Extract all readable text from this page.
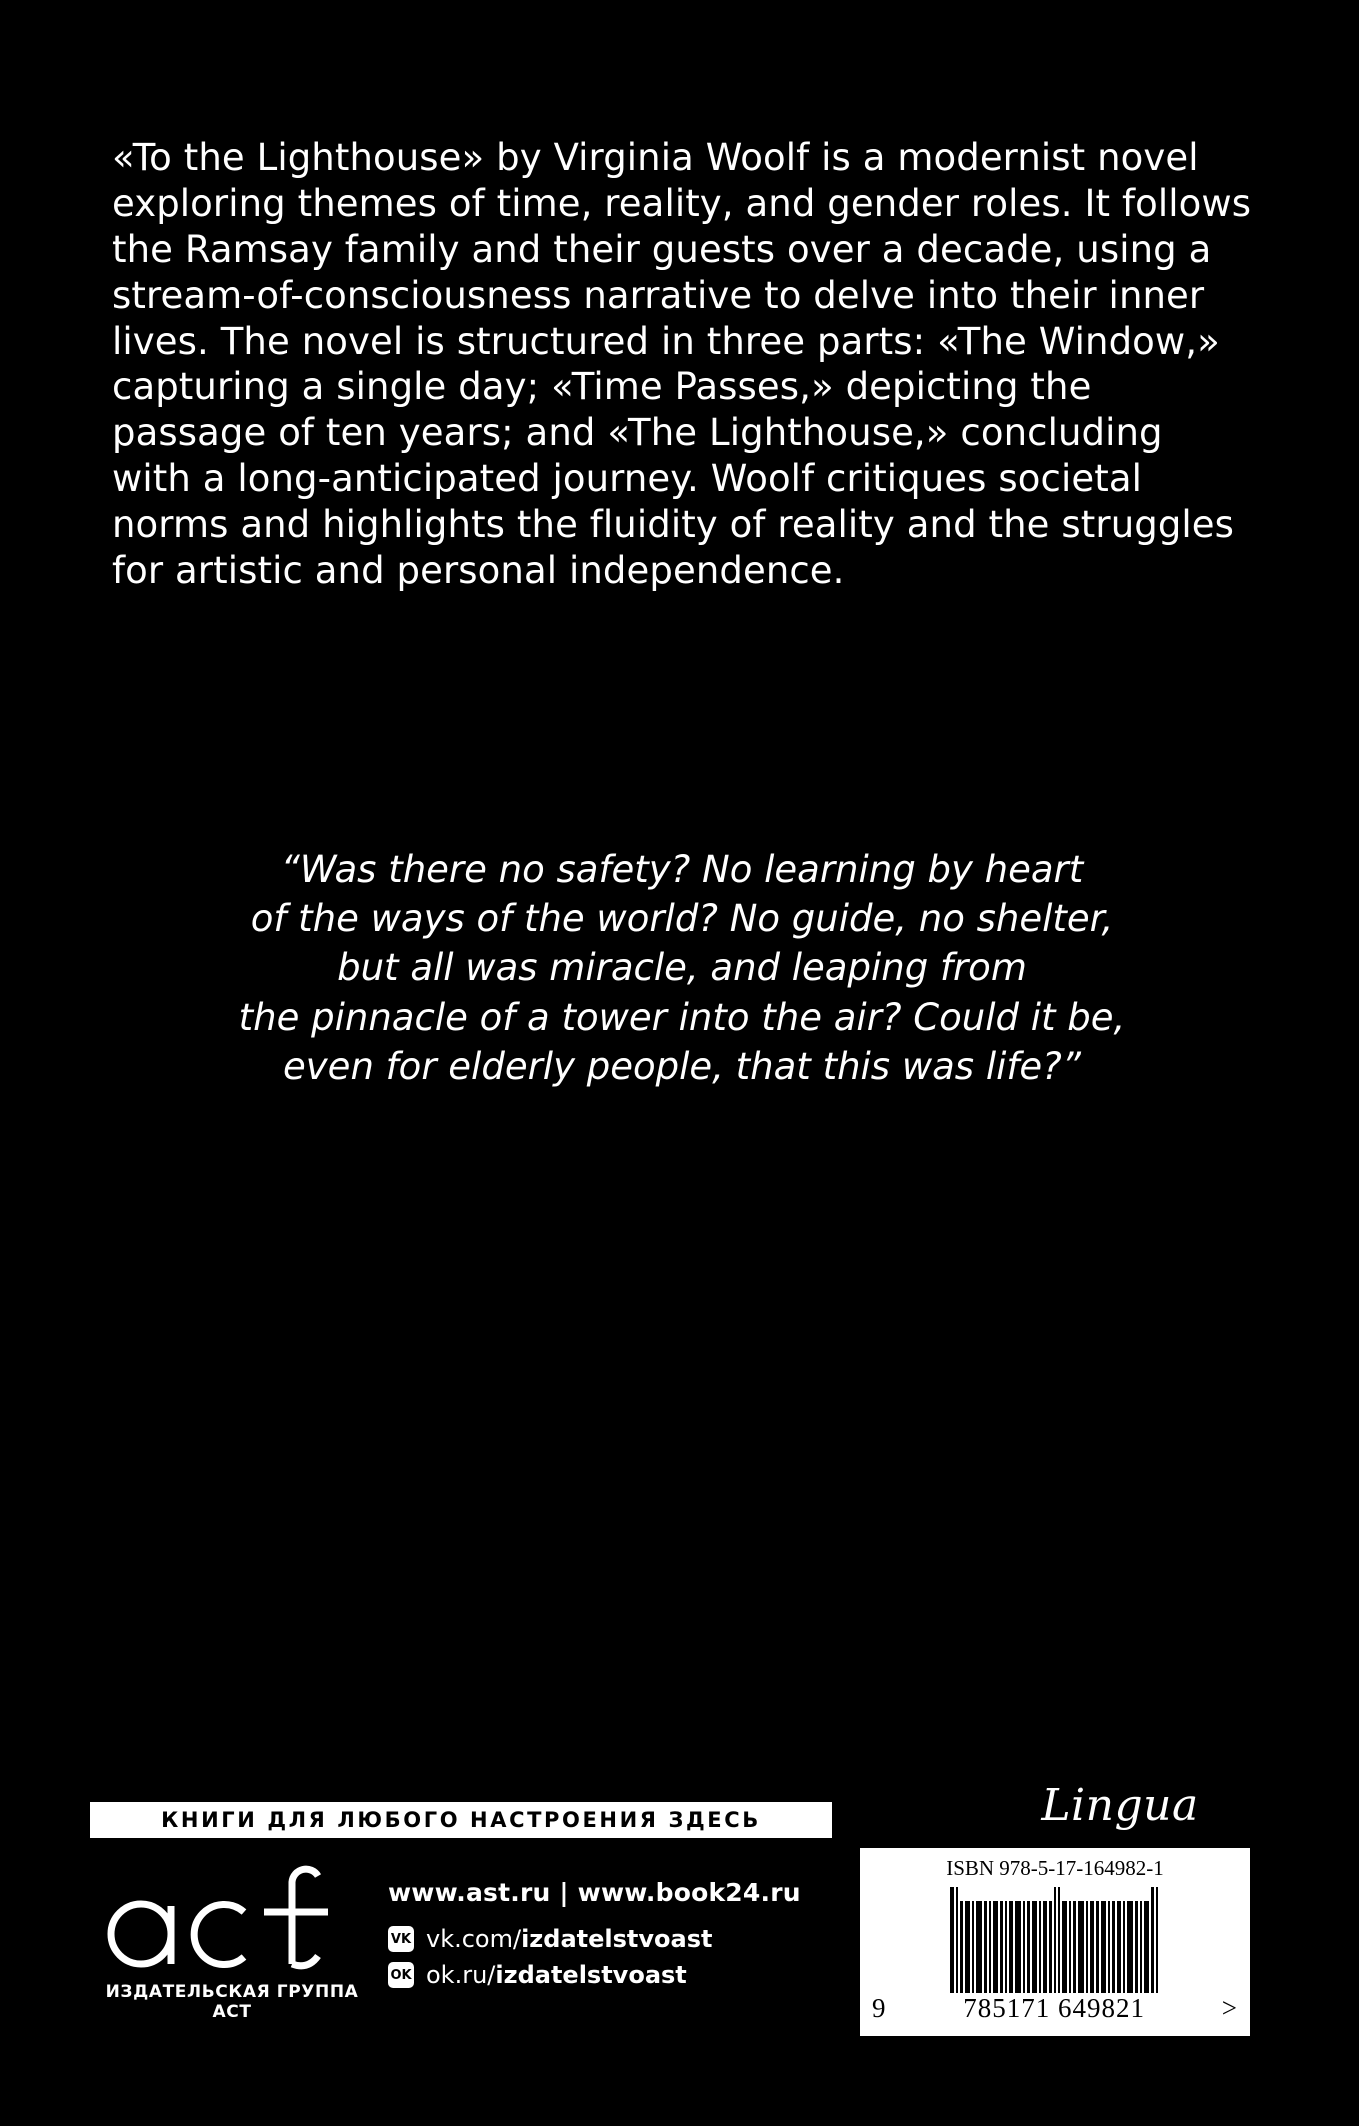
«To the Lighthouse» by Virginia Woolf is a modernist novel exploring themes of time, reality, and gender roles. It follows the Ramsay family and their guests over a decade, using a stream-of-consciousness narrative to delve into their inner lives. The novel is structured in three parts: «The Window,» capturing a single day; «Time Passes,» depicting the passage of ten years; and «The Lighthouse,» concluding with a long-anticipated journey. Woolf critiques societal norms and highlights the fluidity of reality and the struggles for artistic and personal independence.

“Was there no safety? No learning by heart
of the ways of the world? No guide, no shelter,
but all was miracle, and leaping from
the pinnacle of a tower into the air? Could it be,
even for elderly people, that this was life?”
КНИГИ ДЛЯ ЛЮБОГО НАСТРОЕНИЯ ЗДЕСЬ
ИЗДАТЕЛЬСКАЯ ГРУППА АСТ
www.ast.ru | www.book24.ru
VK vk.com/izdatelstvoast
OK ok.ru/izdatelstvoast
Lingua
ISBN 978-5-17-164982-1
9	785171 649821	>
